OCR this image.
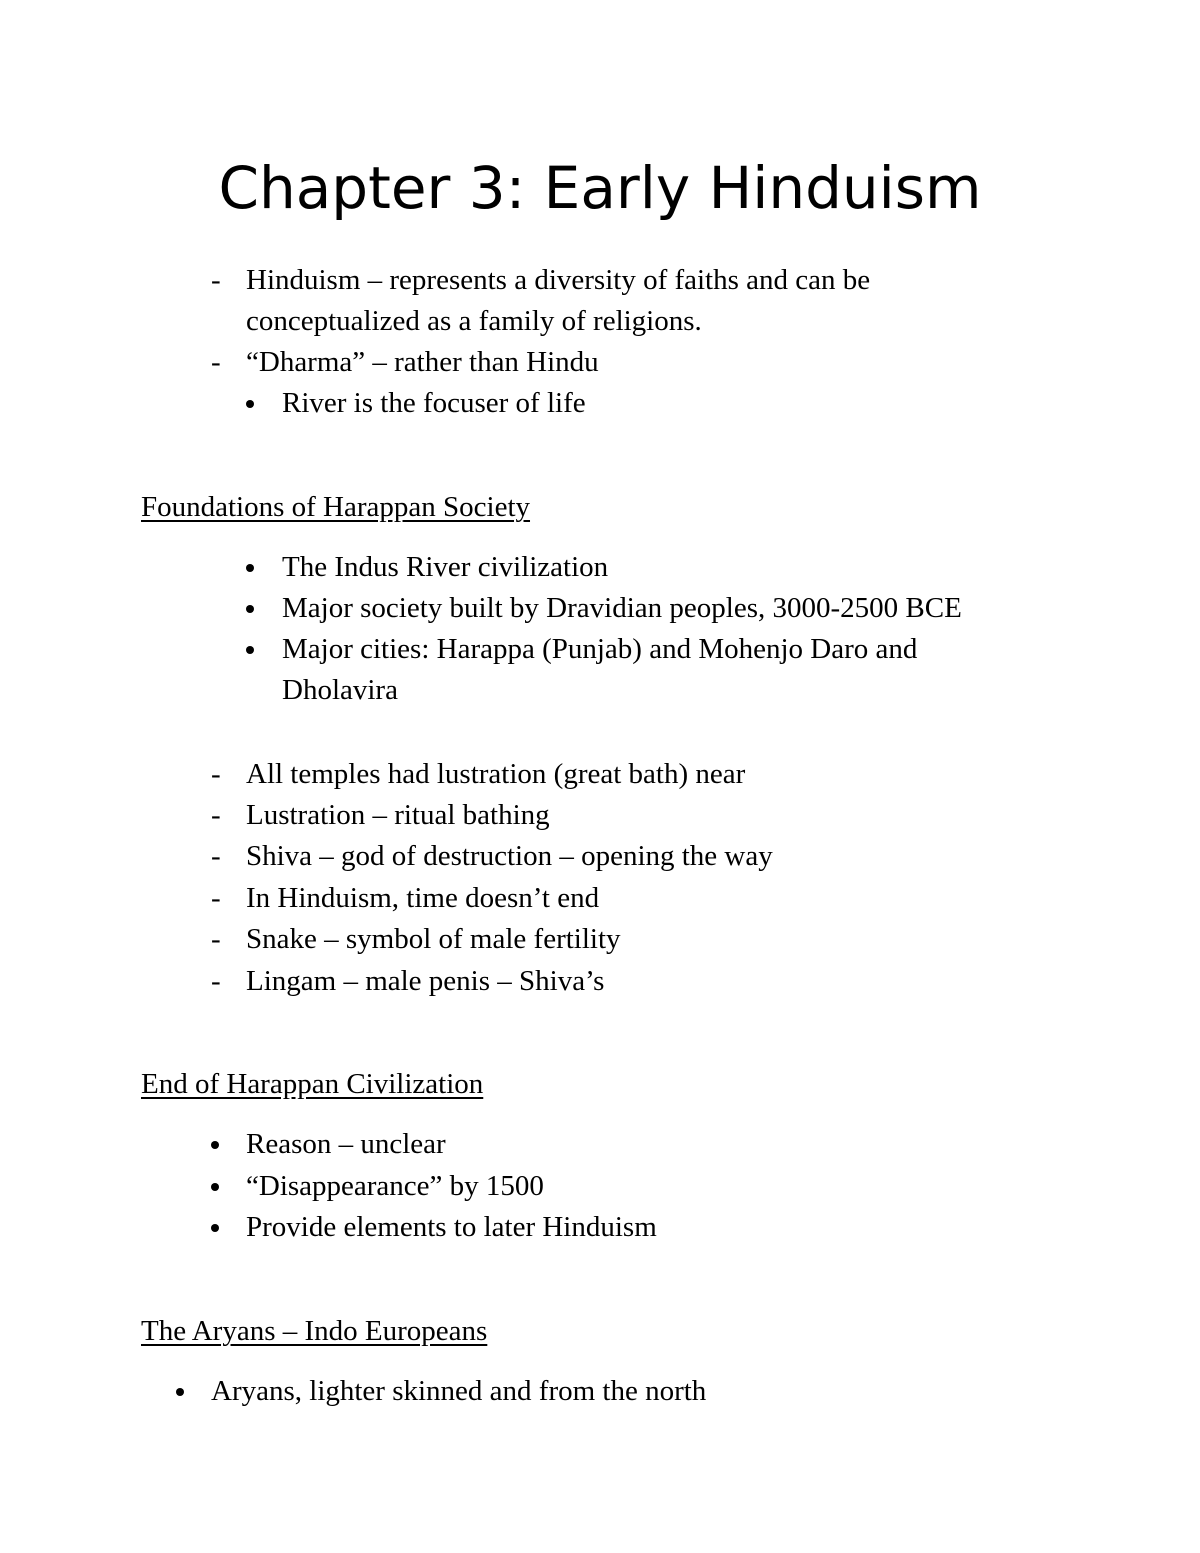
Chapter 3: Early Hinduism
- Hinduism – represents a diversity of faiths and can be
conceptualized as a family of religions.
- “Dharma” – rather than Hindu
River is the focuser of life
Foundations of Harappan Society
The Indus River civilization
Major society built by Dravidian peoples, 3000-2500 BCE
Major cities: Harappa (Punjab) and Mohenjo Daro and
Dholavira
- All temples had lustration (great bath) near
- Lustration – ritual bathing
- Shiva – god of destruction – opening the way
- In Hinduism, time doesn’t end
- Snake – symbol of male fertility
- Lingam – male penis – Shiva’s
End of Harappan Civilization
Reason – unclear
“Disappearance” by 1500
Provide elements to later Hinduism
The Aryans – Indo Europeans
Aryans, lighter skinned and from the north
